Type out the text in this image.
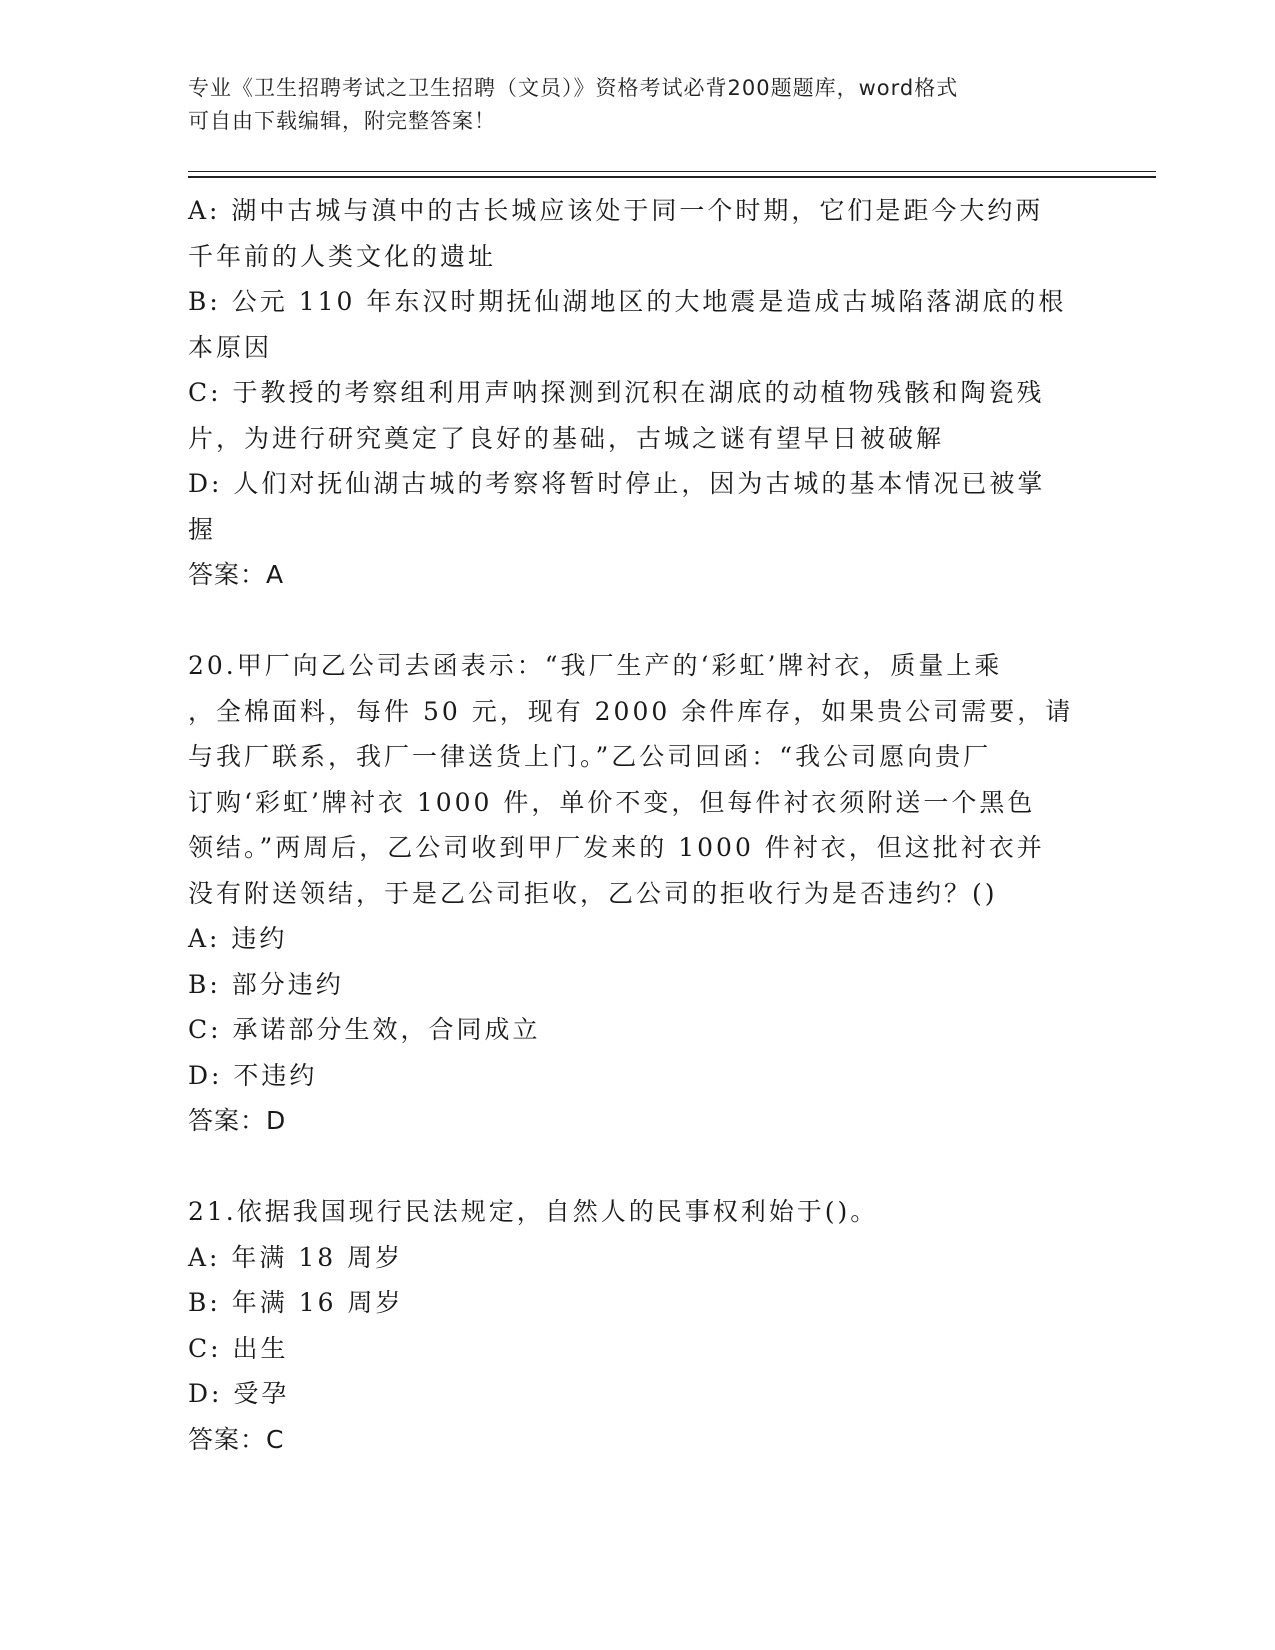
专业《卫生招聘考试之卫生招聘（文员）》资格考试必背200题题库，word格式
可自由下载编辑，附完整答案！
A: 湖中古城与滇中的古长城应该处于同一个时期，它们是距今大约两
千年前的人类文化的遗址
B: 公元 110 年东汉时期抚仙湖地区的大地震是造成古城陷落湖底的根
本原因
C: 于教授的考察组利用声呐探测到沉积在湖底的动植物残骸和陶瓷残
片，为进行研究奠定了良好的基础，古城之谜有望早日被破解
D: 人们对抚仙湖古城的考察将暂时停止，因为古城的基本情况已被掌
握
答案：A
20.甲厂向乙公司去函表示：“我厂生产的‘彩虹’牌衬衣，质量上乘
，全棉面料，每件 50 元，现有 2000 余件库存，如果贵公司需要，请
与我厂联系，我厂一律送货上门。”乙公司回函：“我公司愿向贵厂
订购‘彩虹’牌衬衣 1000 件，单价不变，但每件衬衣须附送一个黑色
领结。”两周后，乙公司收到甲厂发来的 1000 件衬衣，但这批衬衣并
没有附送领结，于是乙公司拒收，乙公司的拒收行为是否违约？()
A: 违约
B: 部分违约
C: 承诺部分生效，合同成立
D: 不违约
答案：D
21.依据我国现行民法规定，自然人的民事权利始于()。
A: 年满 18 周岁
B: 年满 16 周岁
C: 出生
D: 受孕
答案：C
